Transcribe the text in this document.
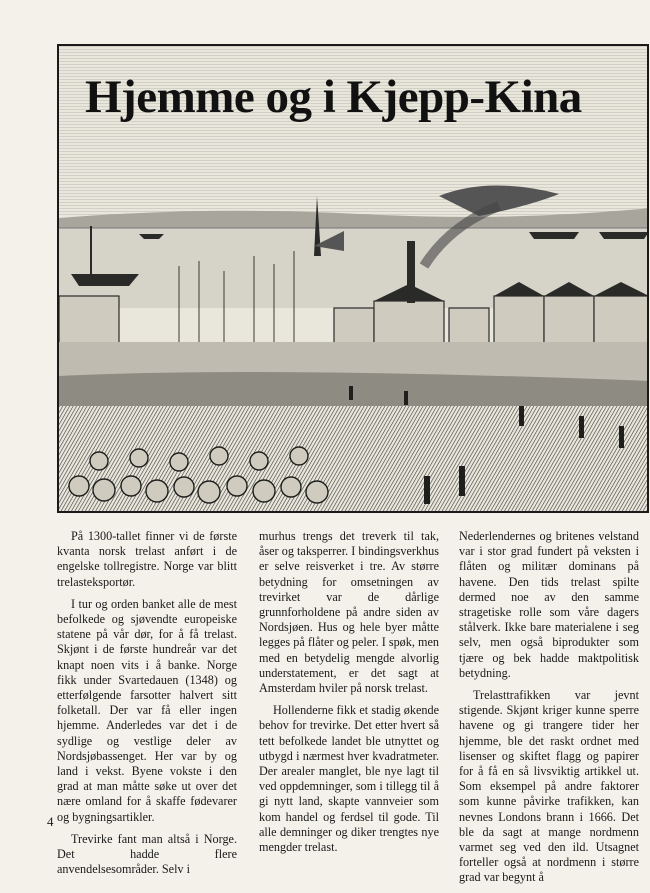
Hjemme og i Kjepp-Kina

På 1300-tallet finner vi de første kvanta norsk trelast anført i de engelske tollregistre. Norge var blitt trelasteksportør.

I tur og orden banket alle de mest befolkede og sjøvendte europeiske statene på vår dør, for å få trelast. Skjønt i de første hundreår var det knapt noen vits i å banke. Norge fikk under Svartedauen (1348) og etterfølgende farsotter halvert sitt folketall. Der var få eller ingen hjemme. Anderledes var det i de sydlige og vestlige deler av Nordsjøbassenget. Her var by og land i vekst. Byene vokste i den grad at man måtte søke ut over det nære omland for å skaffe fødevarer og bygningsartikler.

Trevirke fant man altså i Norge. Det hadde flere anvendelsesområder. Selv i

murhus trengs det treverk til tak, åser og taksperrer. I bindingsverkhus er selve reisverket i tre. Av større betydning for omsetningen av trevirket var de dårlige grunnforholdene på andre siden av Nordsjøen. Hus og hele byer måtte legges på flåter og peler. I spøk, men med en betydelig mengde alvorlig understatement, er det sagt at Amsterdam hviler på norsk trelast.

Hollenderne fikk et stadig økende behov for trevirke. Det etter hvert så tett befolkede landet ble utnyttet og utbygd i nærmest hver kvadratmeter. Der arealer manglet, ble nye lagt til ved oppdemninger, som i tillegg til å gi nytt land, skapte vannveier som kom handel og ferdsel til gode. Til alle demninger og diker trengtes nye mengder trelast.

Nederlendernes og britenes velstand var i stor grad fundert på veksten i flåten og militær dominans på havene. Den tids trelast spilte dermed noe av den samme stragetiske rolle som våre dagers stålverk. Ikke bare materialene i seg selv, men også biprodukter som tjære og bek hadde maktpolitisk betydning.

Trelasttrafikken var jevnt stigende. Skjønt kriger kunne sperre havene og gi trangere tider her hjemme, ble det raskt ordnet med lisenser og skiftet flagg og papirer for å få en så livsviktig artikkel ut. Som eksempel på andre faktorer som kunne påvirke trafikken, kan nevnes Londons brann i 1666. Det ble da sagt at mange nordmenn varmet seg ved den ild. Utsagnet forteller også at nordmenn i større grad var begynt å

4
